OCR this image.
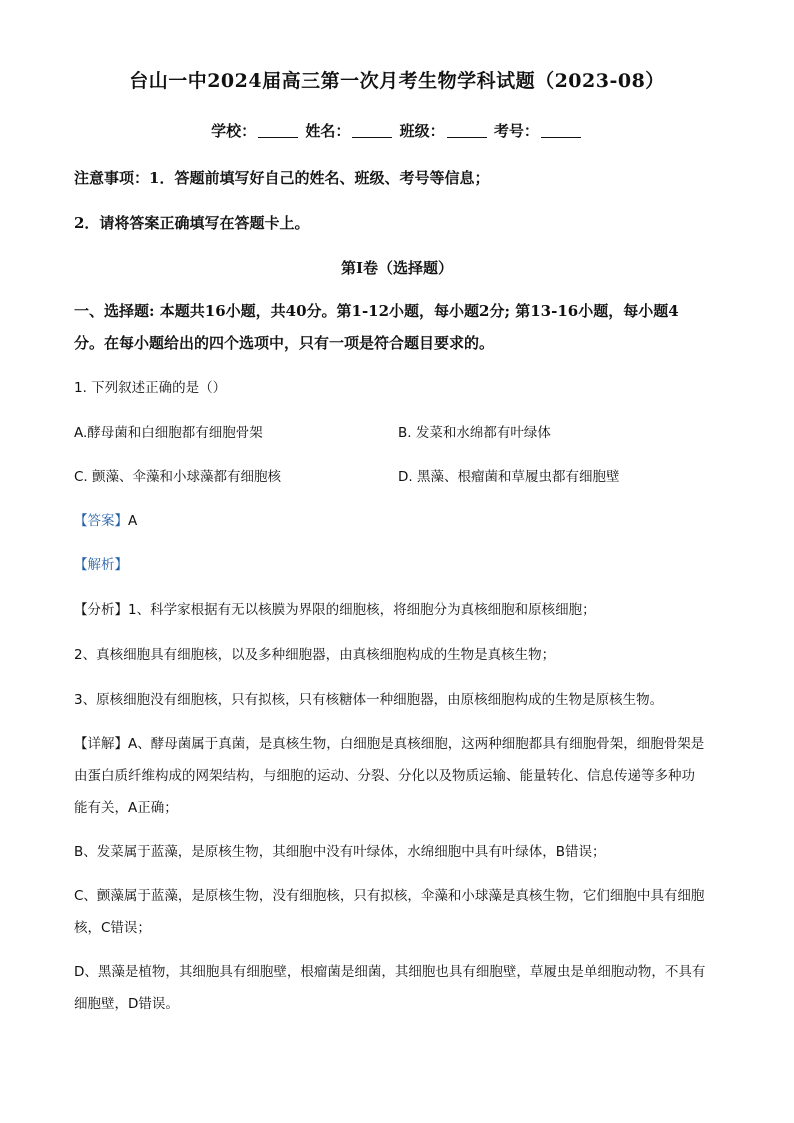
台山一中2024届高三第一次月考生物学科试题（2023-08）
学校：	姓名：	班级：	考号：
注意事项：1．答题前填写好自己的姓名、班级、考号等信息；
2．请将答案正确填写在答题卡上。
第I卷（选择题）
一、选择题: 本题共16小题，共40分。第1-12小题，每小题2分; 第13-16小题，每小题4
分。在每小题给出的四个选项中，只有一项是符合题目要求的。
1. 下列叙述正确的是（）
A.酵母菌和白细胞都有细胞骨架	B. 发菜和水绵都有叶绿体
C. 颤藻、伞藻和小球藻都有细胞核	D. 黑藻、根瘤菌和草履虫都有细胞壁
【答案】A
【解析】
【分析】1、科学家根据有无以核膜为界限的细胞核，将细胞分为真核细胞和原核细胞；
2、真核细胞具有细胞核，以及多种细胞器，由真核细胞构成的生物是真核生物；
3、原核细胞没有细胞核，只有拟核，只有核糖体一种细胞器，由原核细胞构成的生物是原核生物。
【详解】A、酵母菌属于真菌，是真核生物，白细胞是真核细胞，这两种细胞都具有细胞骨架，细胞骨架是
由蛋白质纤维构成的网架结构，与细胞的运动、分裂、分化以及物质运输、能量转化、信息传递等多种功
能有关，A正确；
B、发菜属于蓝藻，是原核生物，其细胞中没有叶绿体，水绵细胞中具有叶绿体，B错误；
C、颤藻属于蓝藻，是原核生物，没有细胞核，只有拟核，伞藻和小球藻是真核生物，它们细胞中具有细胞
核，C错误；
D、黑藻是植物，其细胞具有细胞壁，根瘤菌是细菌，其细胞也具有细胞壁，草履虫是单细胞动物，不具有
细胞壁，D错误。
